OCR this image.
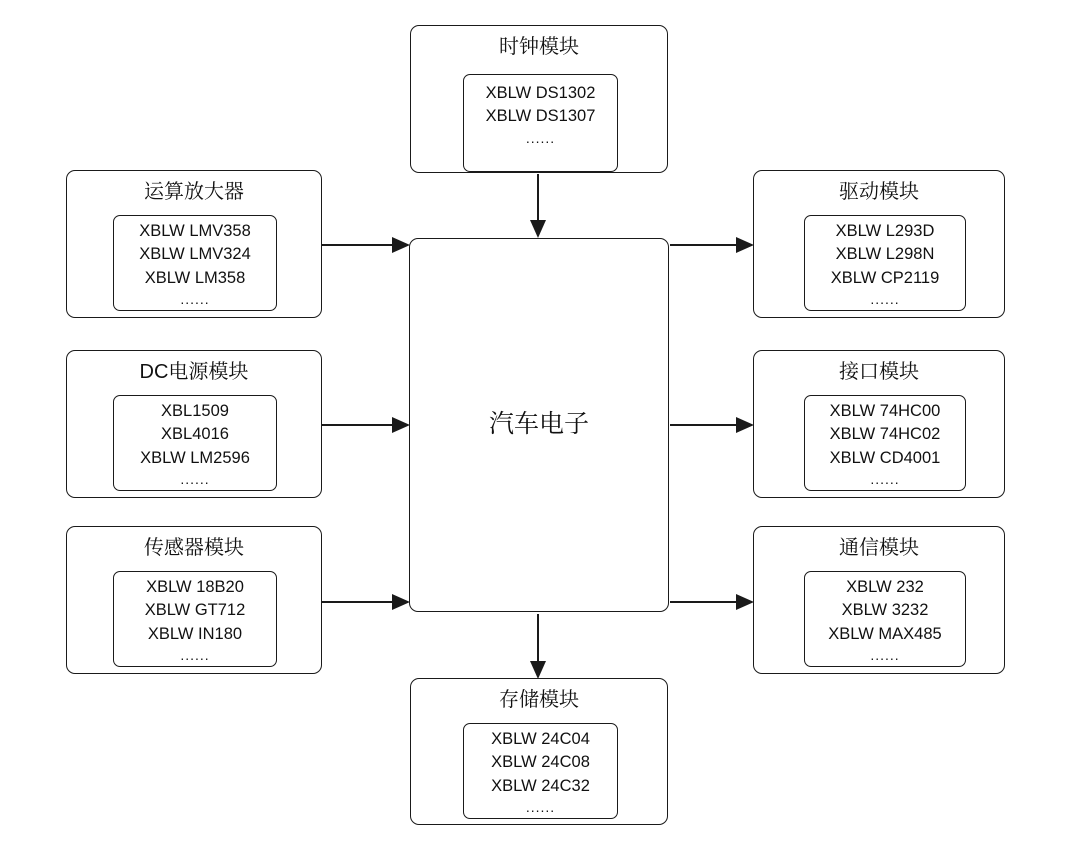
汽车电子
时钟模块
XBLW DS1302
XBLW DS1307
......
运算放大器
XBLW LMV358
XBLW LMV324
XBLW LM358
......
DC电源模块
XBL1509
XBL4016
XBLW LM2596
......
传感器模块
XBLW 18B20
XBLW GT712
XBLW IN180
......
驱动模块
XBLW L293D
XBLW L298N
XBLW CP2119
......
接口模块
XBLW 74HC00
XBLW 74HC02
XBLW CD4001
......
通信模块
XBLW 232
XBLW 3232
XBLW MAX485
......
存储模块
XBLW 24C04
XBLW 24C08
XBLW 24C32
......
